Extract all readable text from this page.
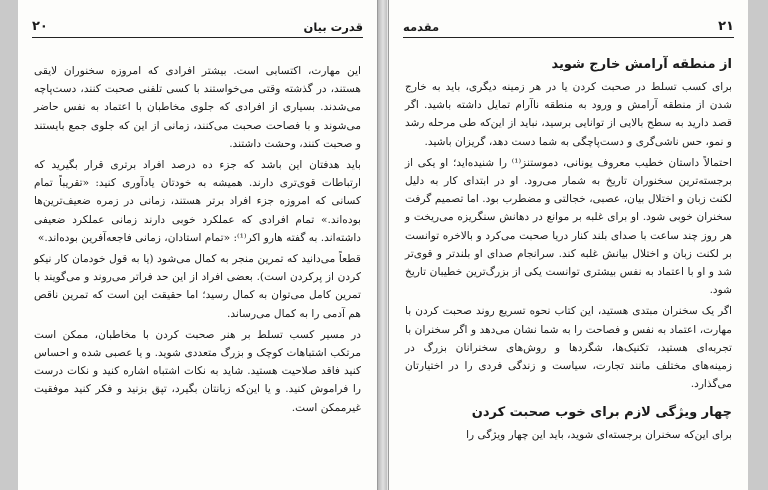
۲۰	قدرت بیان

این مهارت، اکتسابی است. بیشتر افرادی که امروزه سخنوران لایقی هستند، در گذشته وقتی می‌خواستند با کسی تلفنی صحبت کنند، دست‌پاچه می‌شدند. بسیاری از افرادی که جلوی مخاطبان با اعتماد به نفس حاضر می‌شوند و با فصاحت صحبت می‌کنند، زمانی از این که جلوی جمع بایستند و صحبت کنند، وحشت داشتند.

باید هدفتان این باشد که جزء ده درصد افراد برتری قرار بگیرید که ارتباطات قوی‌تری دارند. همیشه به خودتان یادآوری کنید: «تقریباً تمام کسانی که امروزه جزء افراد برتر هستند، زمانی در زمره ضعیف‌ترین‌ها بوده‌اند.» تمام افرادی که عملکرد خوبی دارند زمانی عملکرد ضعیفی داشته‌اند. به گفته هارو اکر⁽¹⁾: «تمام استادان، زمانی فاجعه‌آفرین بوده‌اند.»

قطعاً می‌دانید که تمرین منجر به کمال می‌شود (یا به قول خودمان کار نیکو کردن از پرکردن است). بعضی افراد از این حد فراتر می‌روند و می‌گویند با تمرین کامل می‌توان به کمال رسید؛ اما حقیقت این است که تمرین ناقص هم آدمی را به کمال می‌رساند.

در مسیر کسب تسلط بر هنر صحبت کردن با مخاطبان، ممکن است مرتکب اشتباهات کوچک و بزرگ متعددی شوید. و یا عصبی شده و احساس کنید فاقد صلاحیت هستید. شاید به نکات اشتباه اشاره کنید و نکات درست را فراموش کنید. و یا این‌که زبانتان بگیرد، تپق بزنید و فکر کنید موفقیت غیرممکن است.

مقدمه	۲۱
از منطقه آرامش خارج شوید

برای کسب تسلط در صحبت کردن یا در هر زمینه دیگری، باید به خارج شدن از منطقه آرامش و ورود به منطقه ناآرام تمایل داشته باشید. اگر قصد دارید به سطح بالایی از توانایی برسید، نباید از این‌که طی مرحله رشد و نمو، حس ناشی‌گری و دست‌پاچگی به شما دست دهد، گریزان باشید.

احتمالاً داستان خطیب معروف یونانی، دموستنز⁽¹⁾ را شنیده‌اید؛ او یکی از برجسته‌ترین سخنوران تاریخ به شمار می‌رود. او در ابتدای کار به دلیل لکنت زبان و اختلال بیان، عصبی، خجالتی و مضطرب بود. اما تصمیم گرفت سخنران خوبی شود. او برای غلبه بر موانع در دهانش سنگریزه می‌ریخت و هر روز چند ساعت با صدای بلند کنار دریا صحبت می‌کرد و بالاخره توانست بر لکنت زبان و اختلال بیانش غلبه کند. سرانجام صدای او بلندتر و قوی‌تر شد و او با اعتماد به نفس بیشتری توانست یکی از بزرگ‌ترین خطیبان تاریخ شود.

اگر یک سخنران مبتدی هستید، این کتاب نحوه تسریع روند صحبت کردن با مهارت، اعتماد به نفس و فصاحت را به شما نشان می‌دهد و اگر سخنران با تجربه‌ای هستید، تکنیک‌ها، شگردها و روش‌های سخنرانان بزرگ در زمینه‌های مختلف مانند تجارت، سیاست و زندگی فردی را در اختیارتان می‌گذارد.

چهار ویژگی لازم برای خوب صحبت کردن

برای این‌که سخنران برجسته‌ای شوید، باید این چهار ویژگی را
